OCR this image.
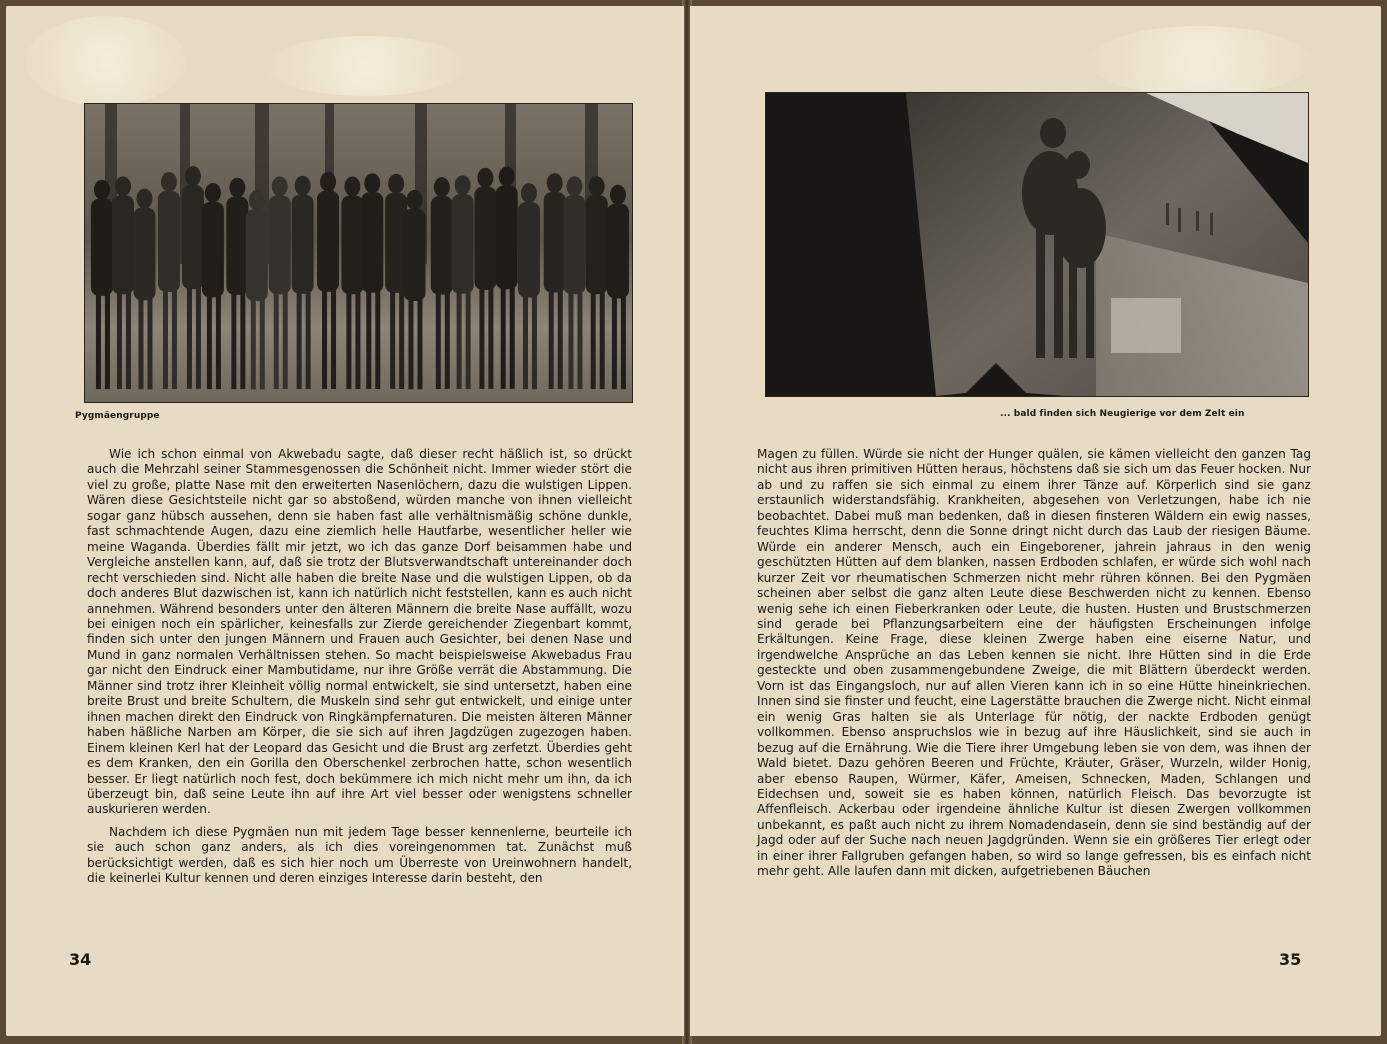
Pygmäengruppe

Wie ich schon einmal von Akwebadu sagte, daß dieser recht häßlich ist, so drückt auch die Mehrzahl seiner Stammesgenossen die Schönheit nicht. Immer wieder stört die viel zu große, platte Nase mit den erweiterten Nasenlöchern, dazu die wulstigen Lippen. Wären diese Gesichtsteile nicht gar so abstoßend, würden manche von ihnen vielleicht sogar ganz hübsch aussehen, denn sie haben fast alle verhältnismäßig schöne dunkle, fast schmachtende Augen, dazu eine ziemlich helle Hautfarbe, wesentlicher heller wie meine Waganda. Überdies fällt mir jetzt, wo ich das ganze Dorf beisammen habe und Vergleiche anstellen kann, auf, daß sie trotz der Blutsverwandtschaft untereinander doch recht verschieden sind. Nicht alle haben die breite Nase und die wulstigen Lippen, ob da doch anderes Blut dazwischen ist, kann ich natürlich nicht feststellen, kann es auch nicht annehmen. Während besonders unter den älteren Männern die breite Nase auffällt, wozu bei einigen noch ein spärlicher, keinesfalls zur Zierde gereichender Ziegenbart kommt, finden sich unter den jungen Männern und Frauen auch Gesichter, bei denen Nase und Mund in ganz normalen Verhältnissen stehen. So macht beispielsweise Akwebadus Frau gar nicht den Eindruck einer Mambutidame, nur ihre Größe verrät die Abstammung. Die Männer sind trotz ihrer Kleinheit völlig normal entwickelt, sie sind untersetzt, haben eine breite Brust und breite Schultern, die Muskeln sind sehr gut entwickelt, und einige unter ihnen machen direkt den Eindruck von Ringkämpfernaturen. Die meisten älteren Männer haben häßliche Narben am Körper, die sie sich auf ihren Jagdzügen zugezogen haben. Einem kleinen Kerl hat der Leopard das Gesicht und die Brust arg zerfetzt. Überdies geht es dem Kranken, den ein Gorilla den Oberschenkel zerbrochen hatte, schon wesentlich besser. Er liegt natürlich noch fest, doch bekümmere ich mich nicht mehr um ihn, da ich überzeugt bin, daß seine Leute ihn auf ihre Art viel besser oder wenigstens schneller auskurieren werden.

Nachdem ich diese Pygmäen nun mit jedem Tage besser kennenlerne, beurteile ich sie auch schon ganz anders, als ich dies voreingenommen tat. Zunächst muß berücksichtigt werden, daß es sich hier noch um Überreste von Ureinwohnern handelt, die keinerlei Kultur kennen und deren einziges Interesse darin besteht, den

34
... bald finden sich Neugierige vor dem Zelt ein

Magen zu füllen. Würde sie nicht der Hunger quälen, sie kämen vielleicht den ganzen Tag nicht aus ihren primitiven Hütten heraus, höchstens daß sie sich um das Feuer hocken. Nur ab und zu raffen sie sich einmal zu einem ihrer Tänze auf. Körperlich sind sie ganz erstaunlich widerstandsfähig. Krankheiten, abgesehen von Verletzungen, habe ich nie beobachtet. Dabei muß man bedenken, daß in diesen finsteren Wäldern ein ewig nasses, feuchtes Klima herrscht, denn die Sonne dringt nicht durch das Laub der riesigen Bäume. Würde ein anderer Mensch, auch ein Eingeborener, jahrein jahraus in den wenig geschützten Hütten auf dem blanken, nassen Erdboden schlafen, er würde sich wohl nach kurzer Zeit vor rheumatischen Schmerzen nicht mehr rühren können. Bei den Pygmäen scheinen aber selbst die ganz alten Leute diese Beschwerden nicht zu kennen. Ebenso wenig sehe ich einen Fieberkranken oder Leute, die husten. Husten und Brustschmerzen sind gerade bei Pflanzungsarbeitern eine der häufigsten Erscheinungen infolge Erkältungen. Keine Frage, diese kleinen Zwerge haben eine eiserne Natur, und irgendwelche Ansprüche an das Leben kennen sie nicht. Ihre Hütten sind in die Erde gesteckte und oben zusammengebundene Zweige, die mit Blättern überdeckt werden. Vorn ist das Eingangsloch, nur auf allen Vieren kann ich in so eine Hütte hineinkriechen. Innen sind sie finster und feucht, eine Lagerstätte brauchen die Zwerge nicht. Nicht einmal ein wenig Gras halten sie als Unterlage für nötig, der nackte Erdboden genügt vollkommen. Ebenso anspruchslos wie in bezug auf ihre Häuslichkeit, sind sie auch in bezug auf die Ernährung. Wie die Tiere ihrer Umgebung leben sie von dem, was ihnen der Wald bietet. Dazu gehören Beeren und Früchte, Kräuter, Gräser, Wurzeln, wilder Honig, aber ebenso Raupen, Würmer, Käfer, Ameisen, Schnecken, Maden, Schlangen und Eidechsen und, soweit sie es haben können, natürlich Fleisch. Das bevorzugte ist Affenfleisch. Ackerbau oder irgendeine ähnliche Kultur ist diesen Zwergen vollkommen unbekannt, es paßt auch nicht zu ihrem Nomadendasein, denn sie sind beständig auf der Jagd oder auf der Suche nach neuen Jagdgründen. Wenn sie ein größeres Tier erlegt oder in einer ihrer Fallgruben gefangen haben, so wird so lange gefressen, bis es einfach nicht mehr geht. Alle laufen dann mit dicken, aufgetriebenen Bäuchen

35
